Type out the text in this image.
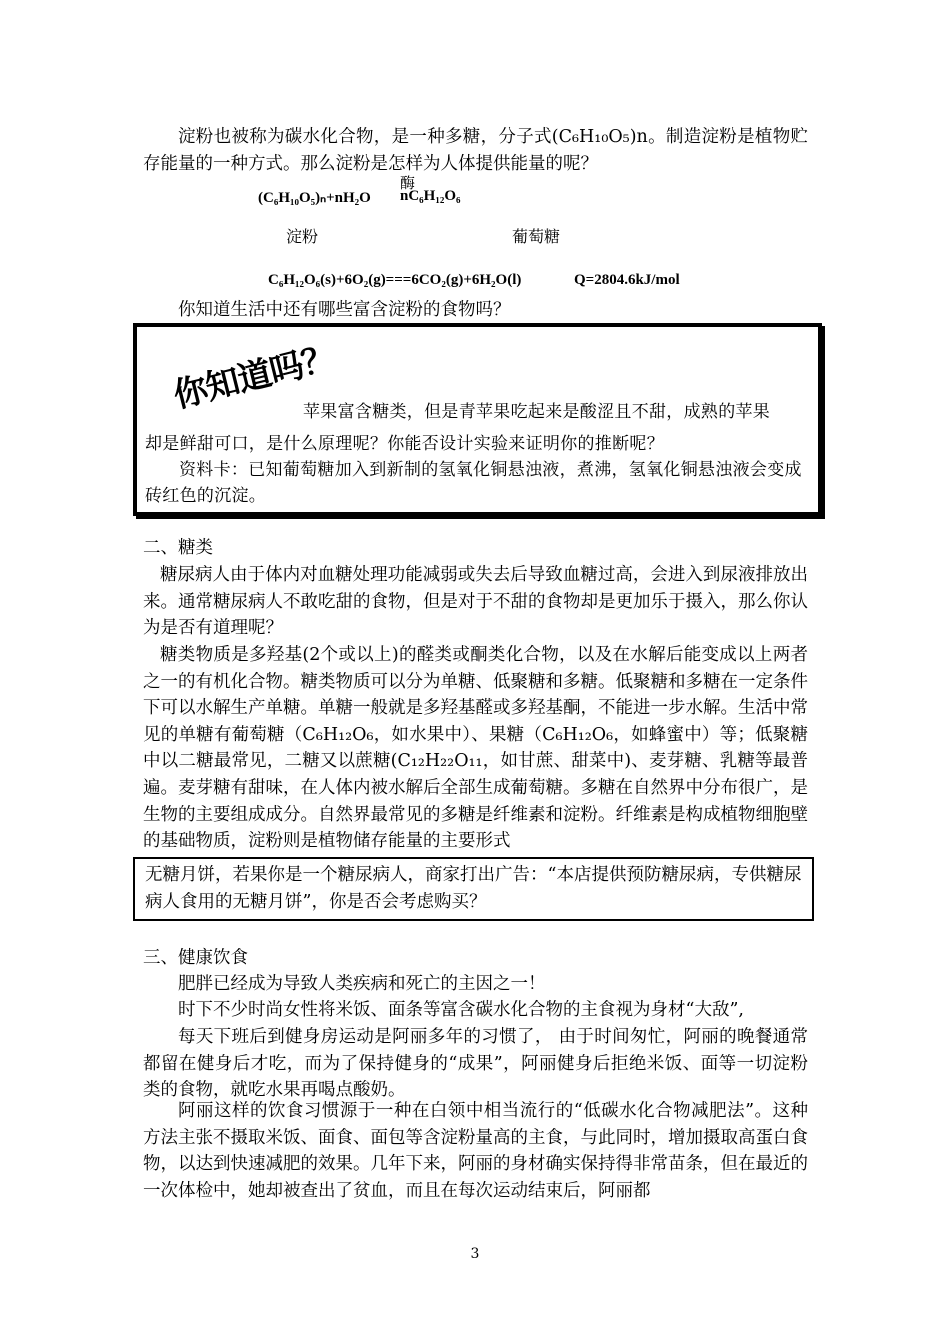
淀粉也被称为碳水化合物，是一种多糖，分子式(C₆H₁₀O₅)n。制造淀粉是植物贮存能量的一种方式。那么淀粉是怎样为人体提供能量的呢？

酶
(C₆H₁₀O₅)ₙ+nH₂O nC₆H₁₂O₆
淀粉	葡萄糖
C₆H₁₂O₆(s)+6O₂(g)===6CO₂(g)+6H₂O(l)	Q=2804.6kJ/mol
你知道生活中还有哪些富含淀粉的食物吗？
你知道吗？
苹果富含糖类，但是青苹果吃起来是酸涩且不甜，成熟的苹果
却是鲜甜可口，是什么原理呢？你能否设计实验来证明你的推断呢？

资料卡：已知葡萄糖加入到新制的氢氧化铜悬浊液，煮沸，氢氧化铜悬浊液会变成砖红色的沉淀。

二、糖类

糖尿病人由于体内对血糖处理功能减弱或失去后导致血糖过高，会进入到尿液排放出来。通常糖尿病人不敢吃甜的食物，但是对于不甜的食物却是更加乐于摄入，那么你认为是否有道理呢？

糖类物质是多羟基(2个或以上)的醛类或酮类化合物，以及在水解后能变成以上两者之一的有机化合物。糖类物质可以分为单糖、低聚糖和多糖。低聚糖和多糖在一定条件下可以水解生产单糖。单糖一般就是多羟基醛或多羟基酮，不能进一步水解。生活中常见的单糖有葡萄糖（C₆H₁₂O₆，如水果中）、果糖（C₆H₁₂O₆，如蜂蜜中）等；低聚糖中以二糖最常见，二糖又以蔗糖(C₁₂H₂₂O₁₁，如甘蔗、甜菜中)、麦芽糖、乳糖等最普遍。麦芽糖有甜味，在人体内被水解后全部生成葡萄糖。多糖在自然界中分布很广，是生物的主要组成成分。自然界最常见的多糖是纤维素和淀粉。纤维素是构成植物细胞壁的基础物质，淀粉则是植物储存能量的主要形式

无糖月饼，若果你是一个糖尿病人，商家打出广告：“本店提供预防糖尿病，专供糖尿病人食用的无糖月饼”，你是否会考虑购买？

三、健康饮食
肥胖已经成为导致人类疾病和死亡的主因之一！
时下不少时尚女性将米饭、面条等富含碳水化合物的主食视为身材“大敌”,

每天下班后到健身房运动是阿丽多年的习惯了， 由于时间匆忙，阿丽的晚餐通常都留在健身后才吃，而为了保持健身的“成果”，阿丽健身后拒绝米饭、面等一切淀粉类的食物，就吃水果再喝点酸奶。

阿丽这样的饮食习惯源于一种在白领中相当流行的“低碳水化合物减肥法”。这种方法主张不摄取米饭、面食、面包等含淀粉量高的主食，与此同时，增加摄取高蛋白食物，以达到快速减肥的效果。几年下来，阿丽的身材确实保持得非常苗条，但在最近的一次体检中，她却被查出了贫血，而且在每次运动结束后，阿丽都

3
